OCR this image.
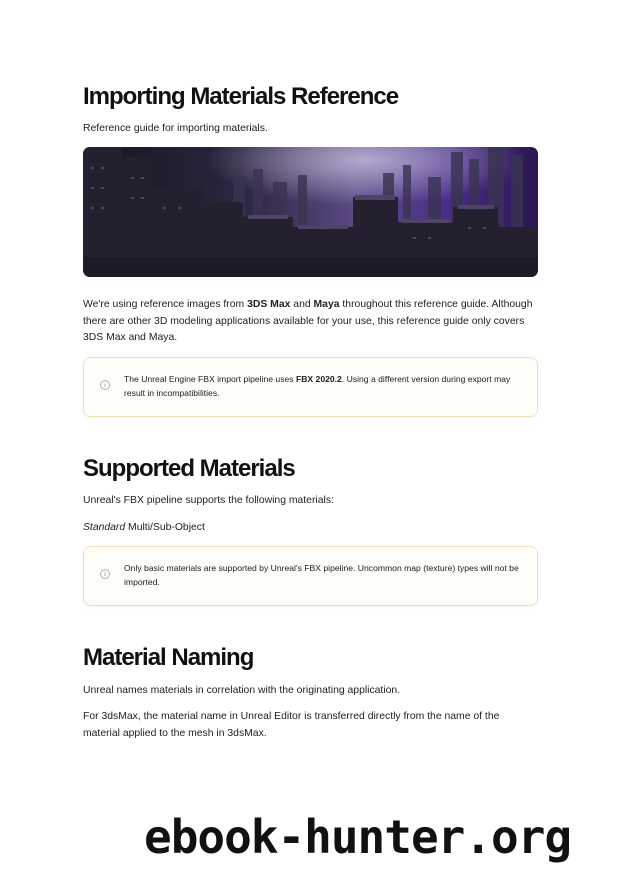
Importing Materials Reference

Reference guide for importing materials.

We're using reference images from 3DS Max and Maya throughout this reference guide. Although there are other 3D modeling applications available for your use, this reference guide only covers 3DS Max and Maya.

The Unreal Engine FBX import pipeline uses FBX 2020.2. Using a different version during export may result in incompatibilities.
Supported Materials

Unreal's FBX pipeline supports the following materials:

Standard Multi/Sub-Object

Only basic materials are supported by Unreal's FBX pipeline. Uncommon map (texture) types will not be imported.
Material Naming

Unreal names materials in correlation with the originating application.

For 3dsMax, the material name in Unreal Editor is transferred directly from the name of the material applied to the mesh in 3dsMax.

ebook-hunter.org
